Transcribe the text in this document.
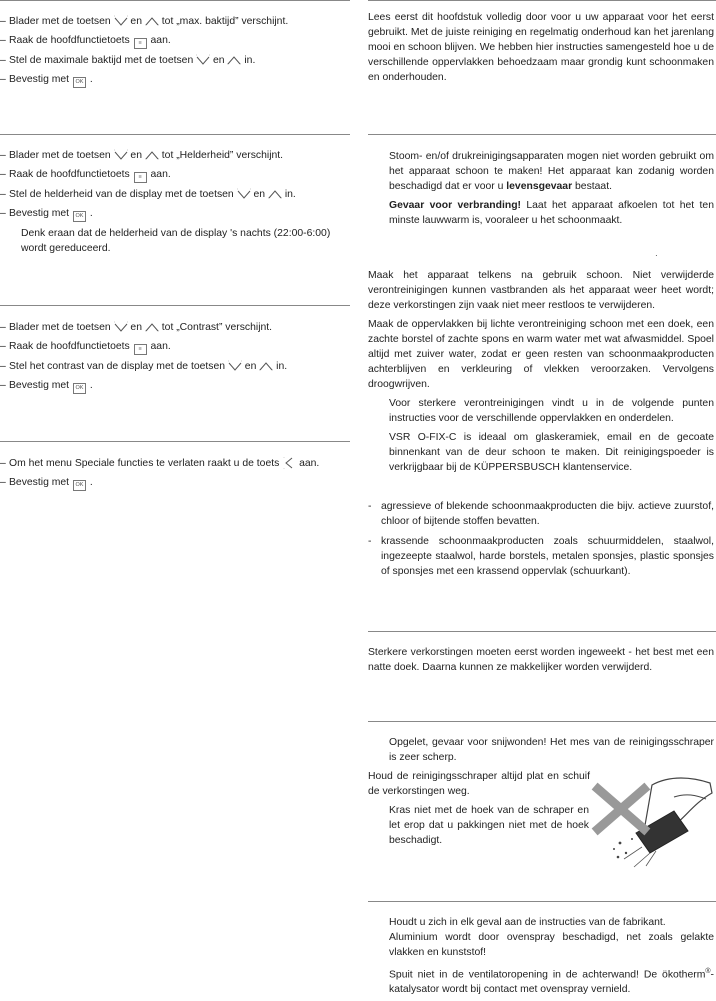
– Blader met de toetsen
en
tot „max. baktijd” verschijnt.
– Raak de hoofdfunctietoets ≡ aan.
– Stel de maximale baktijd met de toetsen
en
in.
– Bevestig met OK .
– Blader met de toetsen
en
tot „Helderheid” verschijnt.
– Raak de hoofdfunctietoets ≡ aan.
– Stel de helderheid van de display met de toetsen
en
in.
– Bevestig met OK .
Denk eraan dat de helderheid van de display 's nachts (22:00-6:00) wordt gereduceerd.
– Blader met de toetsen
en
tot „Contrast” verschijnt.
– Raak de hoofdfunctietoets ≡ aan.
– Stel het contrast van de display met de toetsen
en
in.
– Bevestig met OK .
– Om het menu Speciale functies te verlaten raakt u de toets
aan.
– Bevestig met OK .
Lees eerst dit hoofdstuk volledig door voor u uw apparaat voor het eerst gebruikt. Met de juiste reiniging en regelmatig onderhoud kan het jarenlang mooi en schoon blijven. We hebben hier instructies samengesteld hoe u de verschillende oppervlakken behoedzaam maar grondig kunt schoonmaken en onderhouden.
Stoom- en/of drukreinigingsapparaten mogen niet worden gebruikt om het apparaat schoon te maken! Het apparaat kan zodanig worden beschadigd dat er voor u levensgevaar bestaat.
Gevaar voor verbranding! Laat het apparaat afkoelen tot het ten minste lauwwarm is, vooraleer u het schoonmaakt.
·
Maak het apparaat telkens na gebruik schoon. Niet verwijderde verontreinigingen kunnen vastbranden als het apparaat weer heet wordt; deze verkorstingen zijn vaak niet meer restloos te verwijderen.
Maak de oppervlakken bij lichte verontreiniging schoon met een doek, een zachte borstel of zachte spons en warm water met wat afwasmiddel. Spoel altijd met zuiver water, zodat er geen resten van schoonmaakproducten achterblijven en verkleuring of vlekken veroorzaken. Vervolgens droogwrijven.
Voor sterkere verontreinigingen vindt u in de volgende punten instructies voor de verschillende oppervlakken en onderdelen.
VSR O-FIX-C is ideaal om glaskeramiek, email en de gecoate binnenkant van de deur schoon te maken. Dit reinigingspoeder is verkrijgbaar bij de KÜPPERSBUSCH klantenservice.
- agressieve of blekende schoonmaakproducten die bijv. actieve zuurstof, chloor of bijtende stoffen bevatten.
- krassende schoonmaakproducten zoals schuurmiddelen, staalwol, ingezeepte staalwol, harde borstels, metalen sponsjes, plastic sponsjes of sponsjes met een krassend oppervlak (schuurkant).
Sterkere verkorstingen moeten eerst worden ingeweekt - het best met een natte doek. Daarna kunnen ze makkelijker worden verwijderd.
Opgelet, gevaar voor snijwonden! Het mes van de reinigingsschraper is zeer scherp.
Houd de reinigingsschraper altijd plat en schuif de verkorstingen weg.
Kras niet met de hoek van de schraper en let erop dat u pakkingen niet met de hoek beschadigt.
Houdt u zich in elk geval aan de instructies van de fabrikant.
Aluminium wordt door ovenspray beschadigd, net zoals gelakte vlakken en kunststof!
Spuit niet in de ventilatoropening in de achterwand! De ökotherm®-katalysator wordt bij contact met ovenspray vernield.
